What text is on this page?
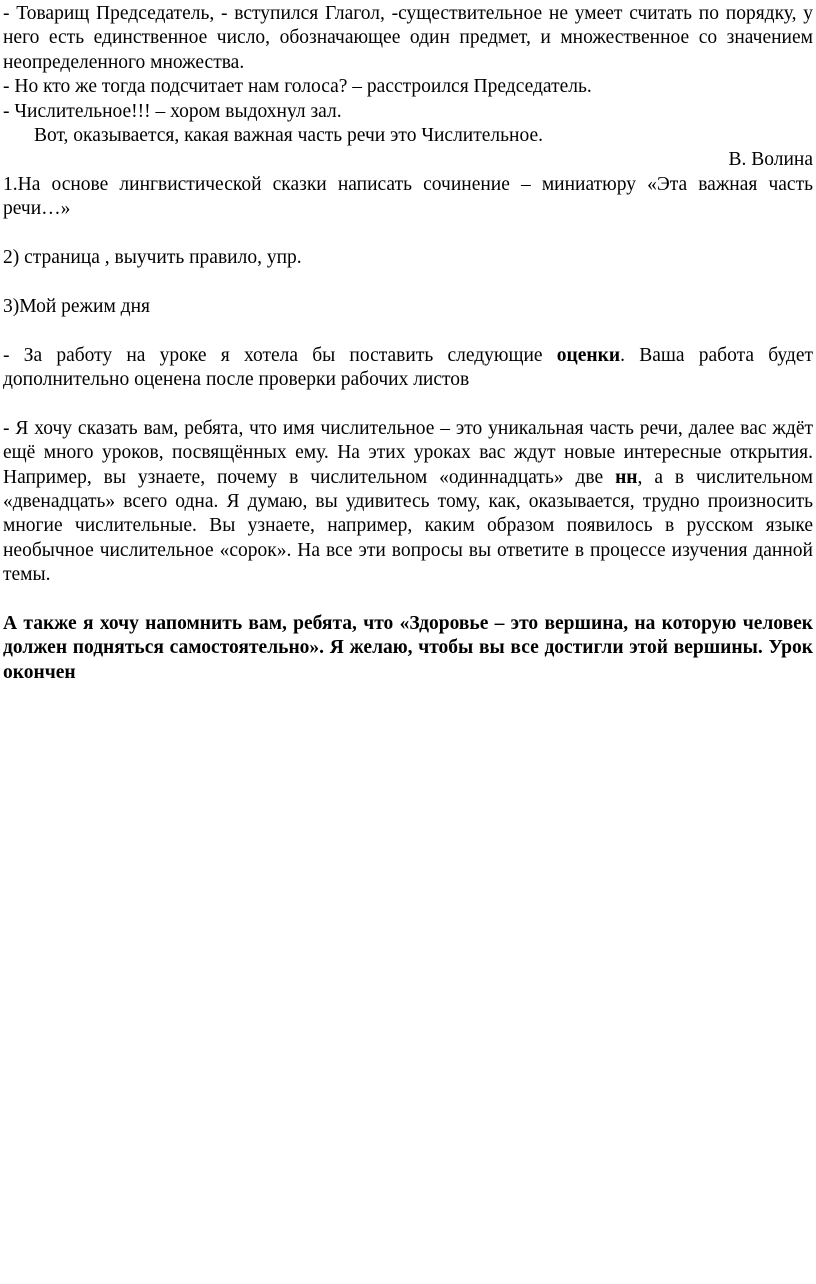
- Товарищ Председатель, - вступился Глагол, -существительное не умеет считать по порядку, у него есть единственное число, обозначающее один предмет, и множественное со значением неопределенного множества.

- Но кто же тогда подсчитает нам голоса? – расстроился Председатель.

- Числительное!!! – хором выдохнул зал.

Вот, оказывается, какая важная часть речи это Числительное.

В. Волина

1.На основе лингвистической сказки написать сочинение – миниатюру «Эта важная часть речи…»

2) страница , выучить правило, упр.

3)Мой режим дня

- За работу на уроке я хотела бы поставить следующие оценки. Ваша работа будет дополнительно оценена после проверки рабочих листов

- Я хочу сказать вам, ребята, что имя числительное – это уникальная часть речи, далее вас ждёт ещё много уроков, посвящённых ему. На этих уроках вас ждут новые интересные открытия. Например, вы узнаете, почему в числительном «одиннадцать» две нн, а в числительном «двенадцать» всего одна. Я думаю, вы удивитесь тому, как, оказывается, трудно произносить многие числительные. Вы узнаете, например, каким образом появилось в русском языке необычное числительное «сорок». На все эти вопросы вы ответите в процессе изучения данной темы.

А также я хочу напомнить вам, ребята, что «Здоровье – это вершина, на которую человек должен подняться самостоятельно». Я желаю, чтобы вы все достигли этой вершины. Урок окончен
